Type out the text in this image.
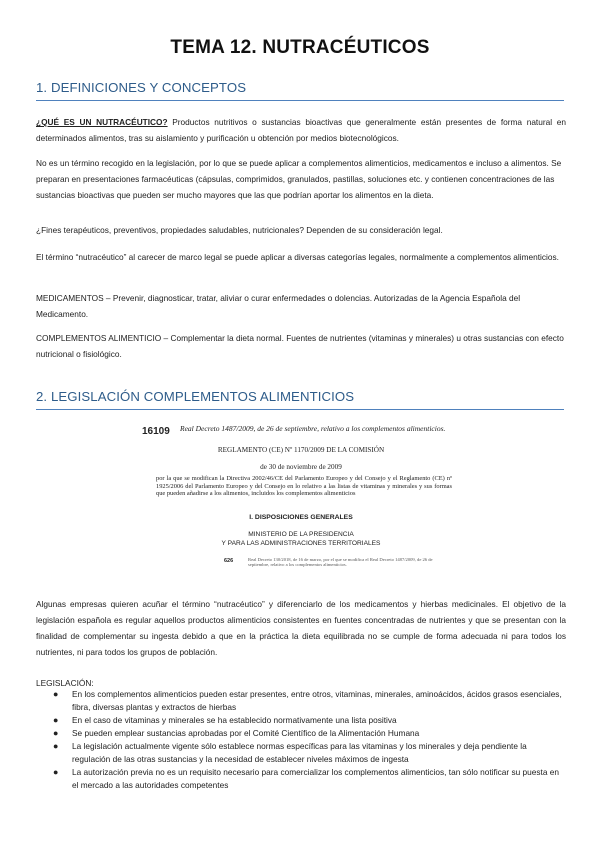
TEMA 12. NUTRACÉUTICOS
1. DEFINICIONES Y CONCEPTOS
¿QUÉ ES UN NUTRACÉUTICO? Productos nutritivos o sustancias bioactivas que generalmente están presentes de forma natural en determinados alimentos, tras su aislamiento y purificación u obtención por medios biotecnológicos.
No es un término recogido en la legislación, por lo que se puede aplicar a complementos alimenticios, medicamentos e incluso a alimentos. Se preparan en presentaciones farmacéuticas (cápsulas, comprimidos, granulados, pastillas, soluciones etc. y contienen concentraciones de las sustancias bioactivas que pueden ser mucho mayores que las que podrían aportar los alimentos en la dieta.
¿Fines terapéuticos, preventivos, propiedades saludables, nutricionales? Dependen de su consideración legal.
El término “nutracéutico” al carecer de marco legal se puede aplicar a diversas categorías legales, normalmente a complementos alimenticios.
MEDICAMENTOS – Prevenir, diagnosticar, tratar, aliviar o curar enfermedades o dolencias. Autorizadas de la Agencia Española del Medicamento.
COMPLEMENTOS ALIMENTICIO – Complementar la dieta normal. Fuentes de nutrientes (vitaminas y minerales) u otras sustancias con efecto nutricional o fisiológico.
2. LEGISLACIÓN COMPLEMENTOS ALIMENTICIOS
16109 Real Decreto 1487/2009, de 26 de septiembre, relativo a los complementos alimenticios.
REGLAMENTO (CE) Nº 1170/2009 DE LA COMISIÓN
de 30 de noviembre de 2009
por la que se modifican la Directiva 2002/46/CE del Parlamento Europeo y del Consejo y el Reglamento (CE) nº 1925/2006 del Parlamento Europeo y del Consejo en lo relativo a las listas de vitaminas y minerales y sus formas que pueden añadirse a los alimentos, incluidos los complementos alimenticios
I. DISPOSICIONES GENERALES
MINISTERIO DE LA PRESIDENCIA
Y PARA LAS ADMINISTRACIONES TERRITORIALES
626	Real Decreto 130/2018, de 16 de marzo, por el que se modifica el Real Decreto 1487/2009, de 26 de septiembre, relativo a los complementos alimenticios.
Algunas empresas quieren acuñar el término “nutracéutico” y diferenciarlo de los medicamentos y hierbas medicinales. El objetivo de la legislación española es regular aquellos productos alimenticios consistentes en fuentes concentradas de nutrientes y que se presentan con la finalidad de complementar su ingesta debido a que en la práctica la dieta equilibrada no se cumple de forma adecuada ni para todos los nutrientes, ni para todos los grupos de población.
LEGISLACIÓN:
● En los complementos alimenticios pueden estar presentes, entre otros, vitaminas, minerales, aminoácidos, ácidos grasos esenciales, fibra, diversas plantas y extractos de hierbas
● En el caso de vitaminas y minerales se ha establecido normativamente una lista positiva
● Se pueden emplear sustancias aprobadas por el Comité Científico de la Alimentación Humana
● La legislación actualmente vigente sólo establece normas específicas para las vitaminas y los minerales y deja pendiente la regulación de las otras sustancias y la necesidad de establecer niveles máximos de ingesta
● La autorización previa no es un requisito necesario para comercializar los complementos alimenticios, tan sólo notificar su puesta en el mercado a las autoridades competentes
